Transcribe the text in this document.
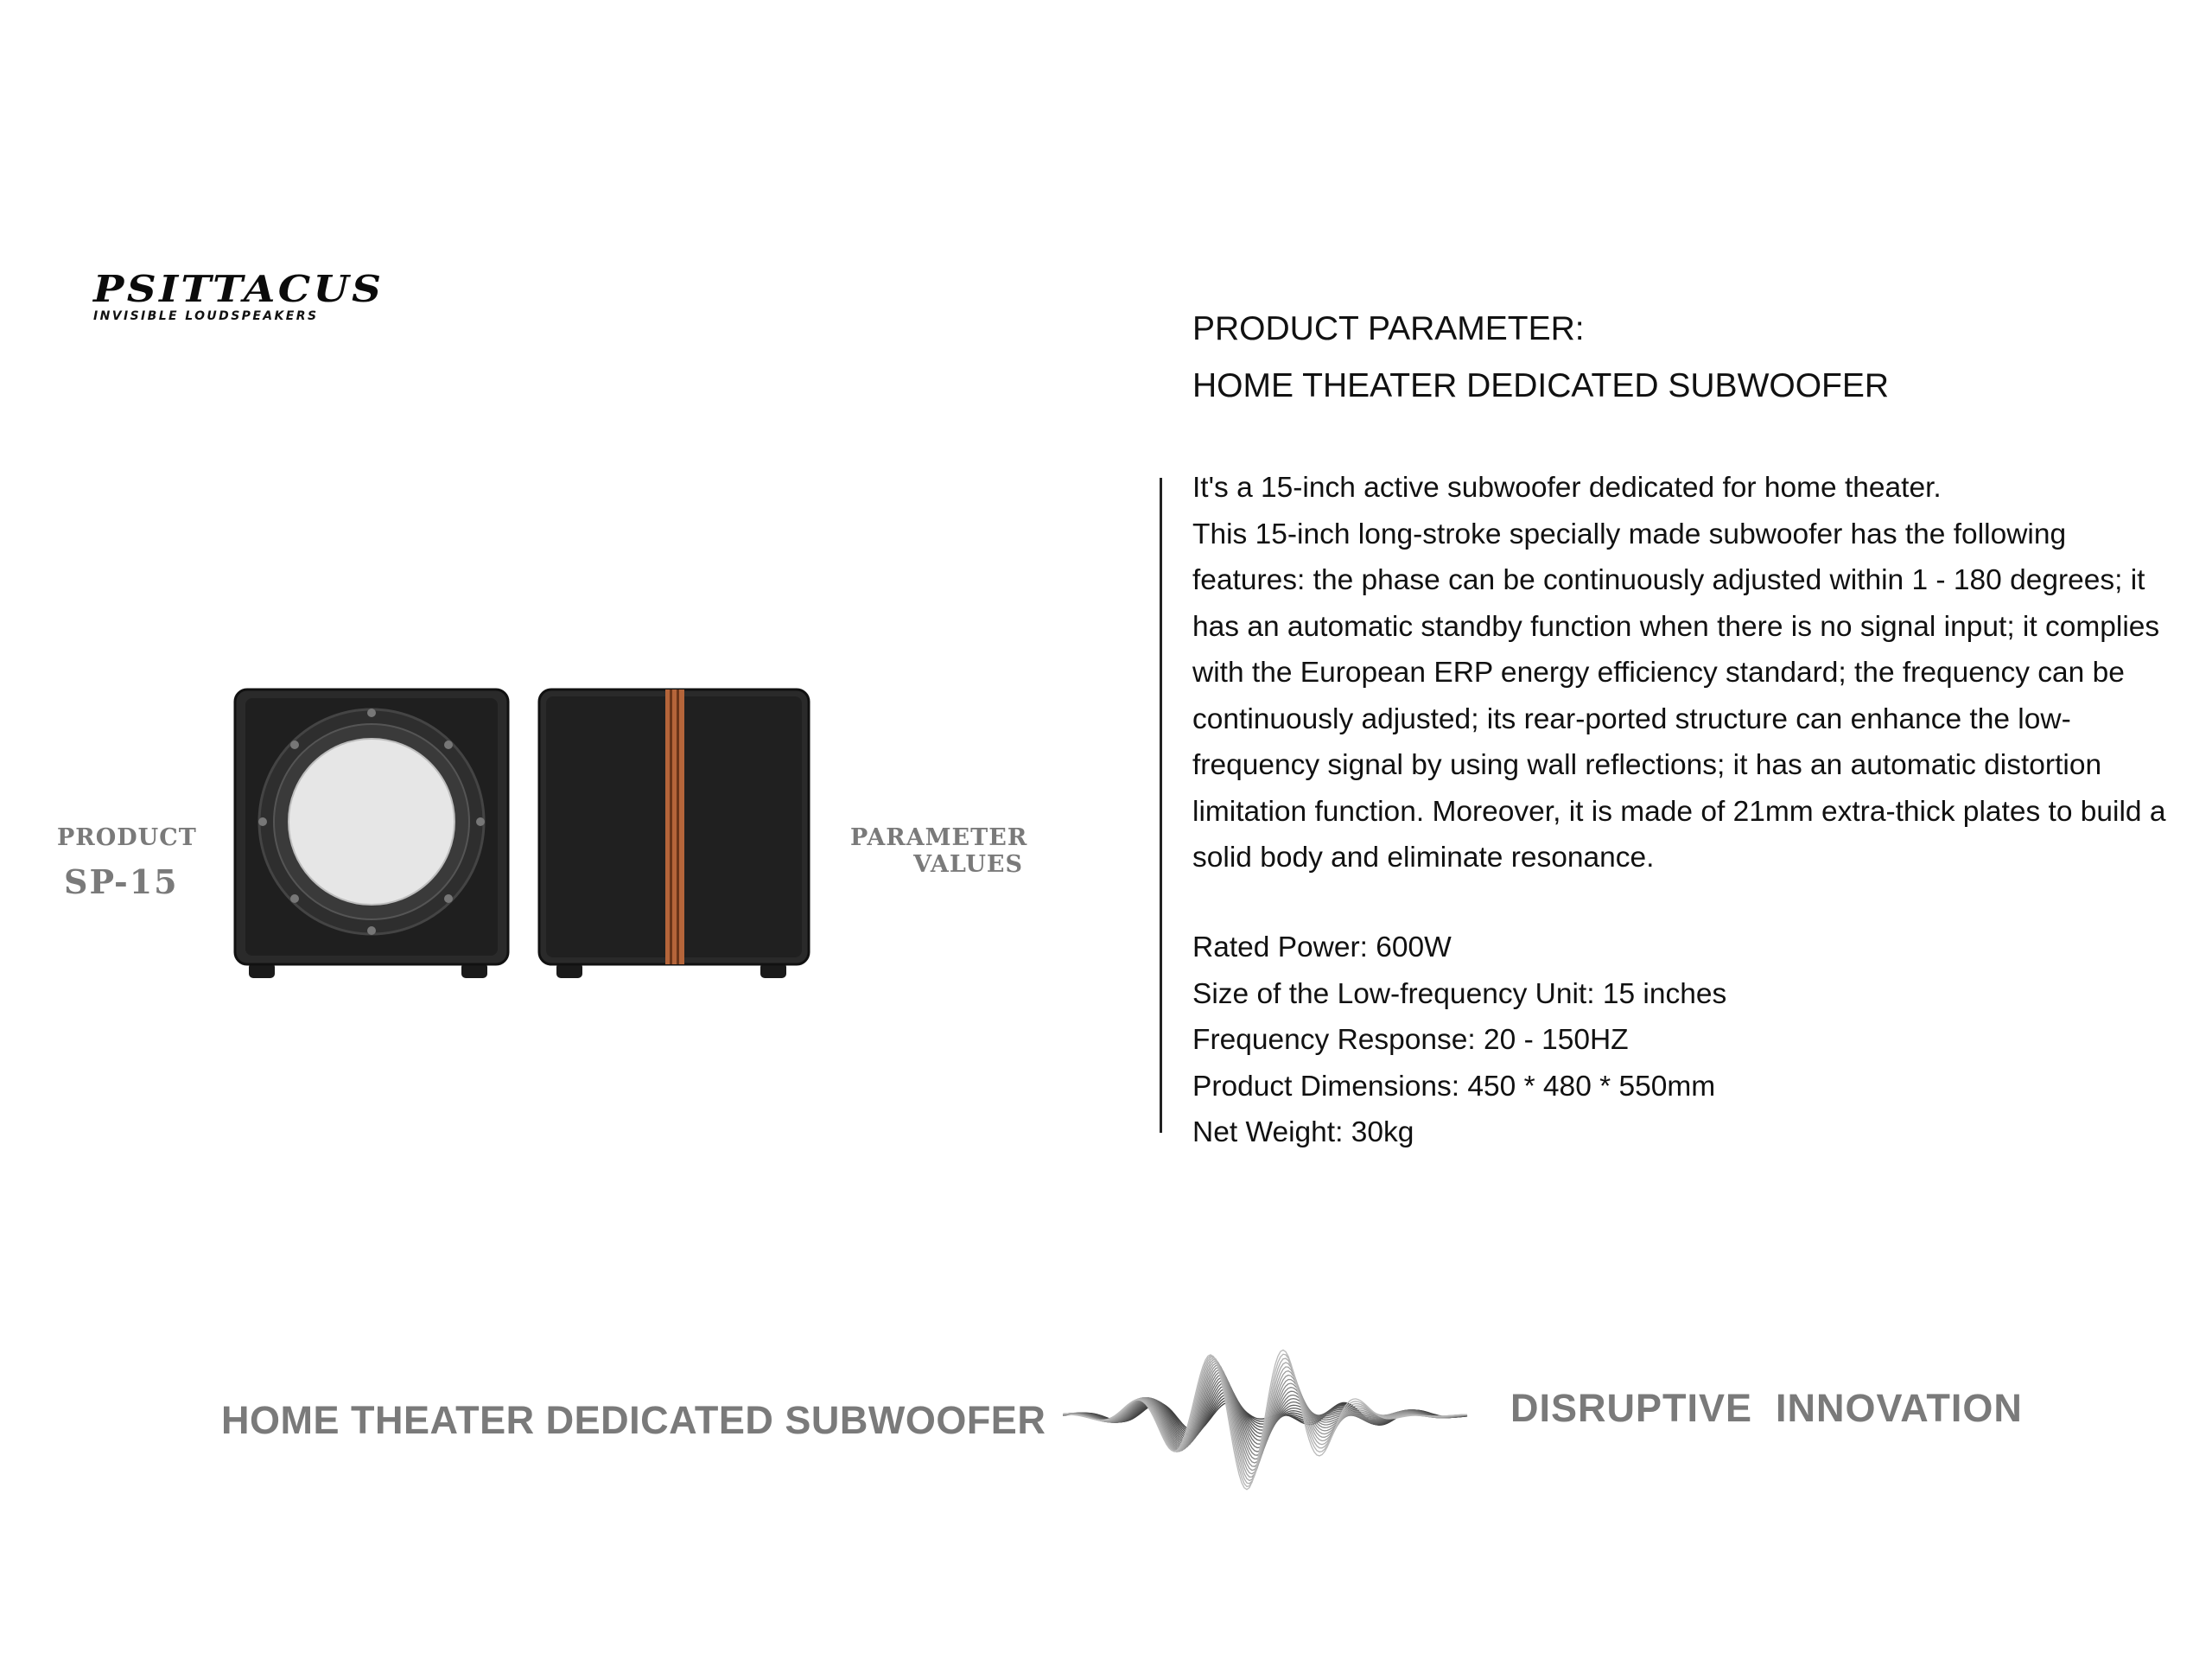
PSITTACUS
INVISIBLE LOUDSPEAKERS
PRODUCT
SP-15
PARAMETER
VALUES
PRODUCT PARAMETER:
HOME THEATER DEDICATED SUBWOOFER
It's a 15-inch active subwoofer dedicated for home theater.
This 15-inch long-stroke specially made subwoofer has the following features: the phase can be continuously adjusted within 1 - 180 degrees; it has an automatic standby function when there is no signal input; it complies with the European ERP energy efficiency standard; the frequency can be continuously adjusted; its rear-ported structure can enhance the low-frequency signal by using wall reflections; it has an automatic distortion limitation function. Moreover, it is made of 21mm extra-thick plates to build a solid body and eliminate resonance.
Rated Power: 600W
Size of the Low-frequency Unit: 15 inches
Frequency Response: 20 - 150HZ
Product Dimensions: 450 * 480 * 550mm
Net Weight: 30kg
HOME THEATER DEDICATED SUBWOOFER	DISRUPTIVE  INNOVATION
